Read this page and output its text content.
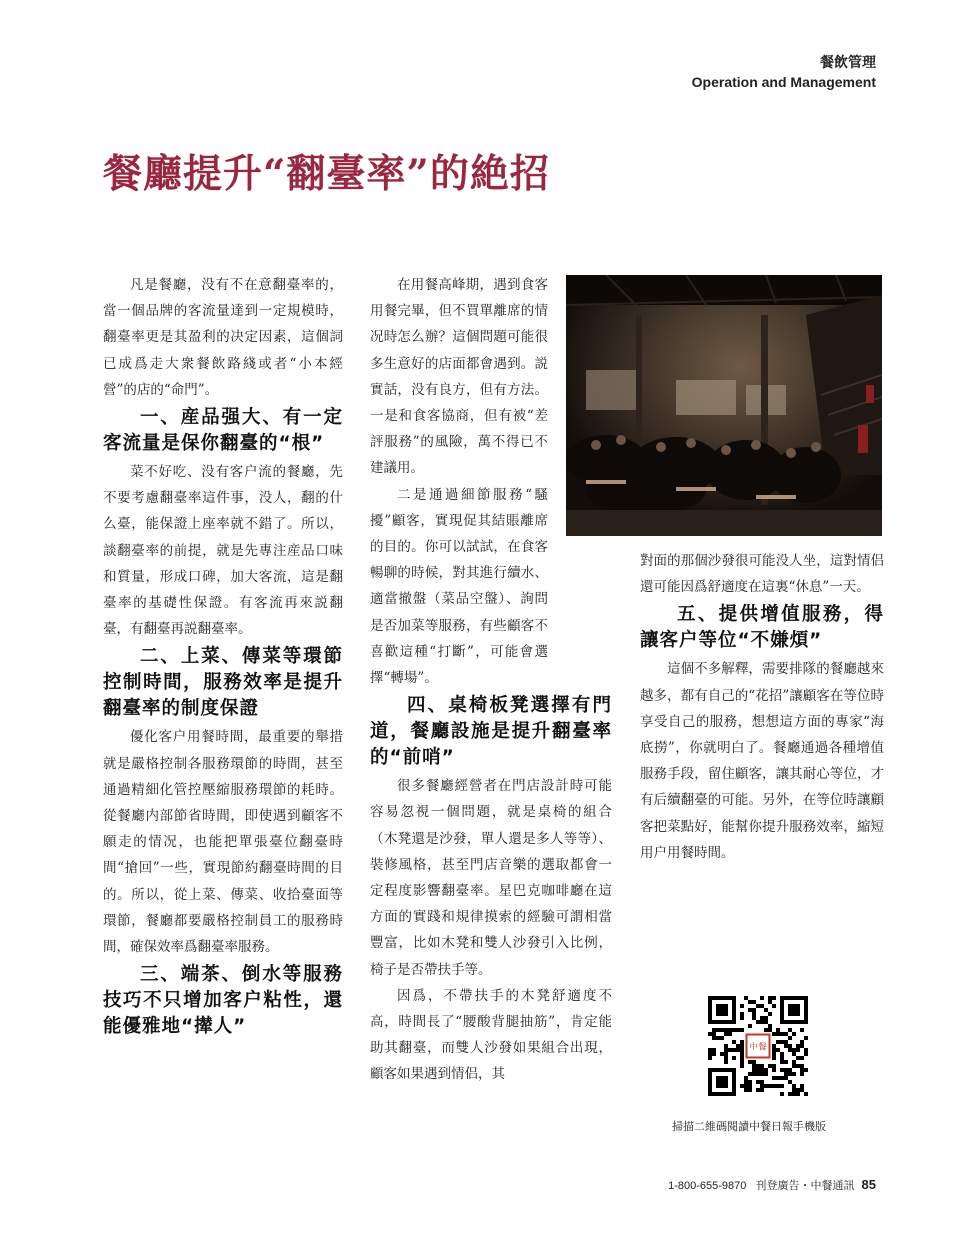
餐飲管理
Operation and Management
餐廳提升“翻臺率”的絶招

凡是餐廳，没有不在意翻臺率的，當一個品牌的客流量達到一定規模時，翻臺率更是其盈利的决定因素，這個詞已成爲走大衆餐飲路綫或者“小本經營”的店的“命門”。

一、産品强大、有一定客流量是保你翻臺的“根”

菜不好吃、没有客户流的餐廳，先不要考慮翻臺率這件事，没人，翻的什么臺，能保證上座率就不錯了。所以，談翻臺率的前提，就是先專注産品口味和質量，形成口碑，加大客流，這是翻臺率的基礎性保證。有客流再來説翻臺，有翻臺再説翻臺率。

二、上菜、傳菜等環節控制時間，服務效率是提升翻臺率的制度保證

優化客户用餐時間，最重要的舉措就是嚴格控制各服務環節的時間，甚至通過精細化管控壓縮服務環節的耗時。從餐廳内部節省時間，即使遇到顧客不願走的情况，也能把單張臺位翻臺時間“搶回”一些，實現節約翻臺時間的目的。所以，從上菜、傳菜、收拾臺面等環節，餐廳都要嚴格控制員工的服務時間，確保效率爲翻臺率服務。

三、端茶、倒水等服務技巧不只增加客户粘性，還能優雅地“撵人”

在用餐高峰期，遇到食客用餐完畢，但不買單離席的情况時怎么辦？這個問題可能很多生意好的店面都會遇到。説實話，没有良方，但有方法。一是和食客協商，但有被“差評服務”的風險，萬不得已不建議用。

二是通過細節服務“騷擾”顧客，實現促其結賬離席的目的。你可以試試，在食客暢聊的時候，對其進行續水、適當撤盤（菜品空盤）、詢問是否加菜等服務，有些顧客不喜歡這種“打斷”，可能會選擇“轉場”。

四、桌椅板凳選擇有門道，餐廳設施是提升翻臺率的“前哨”

很多餐廳經營者在門店設計時可能容易忽視一個問題，就是桌椅的組合（木凳還是沙發，單人還是多人等等）、裝修風格，甚至門店音樂的選取都會一定程度影響翻臺率。星巴克咖啡廳在這方面的實踐和規律摸索的經驗可謂相當豐富，比如木凳和雙人沙發引入比例，椅子是否帶扶手等。

因爲，不帶扶手的木凳舒適度不高，時間長了“腰酸背腿抽筋”，肯定能助其翻臺，而雙人沙發如果組合出現，顧客如果遇到情侣，其

對面的那個沙發很可能没人坐，這對情侣還可能因爲舒適度在這裏“休息”一天。

五、提供增值服務，得讓客户等位“不嫌煩”

這個不多解釋，需要排隊的餐廳越來越多，都有自己的“花招”讓顧客在等位時享受自己的服務，想想這方面的專家“海底撈”，你就明白了。餐廳通過各種增值服務手段，留住顧客，讓其耐心等位，才有后續翻臺的可能。另外，在等位時讓顧客把菜點好，能幫你提升服務效率，縮短用户用餐時間。

中餐
掃描二維碼閱讀中餐日報手機版
1-800-655-9870 刊登廣告・中餐通訊 85
